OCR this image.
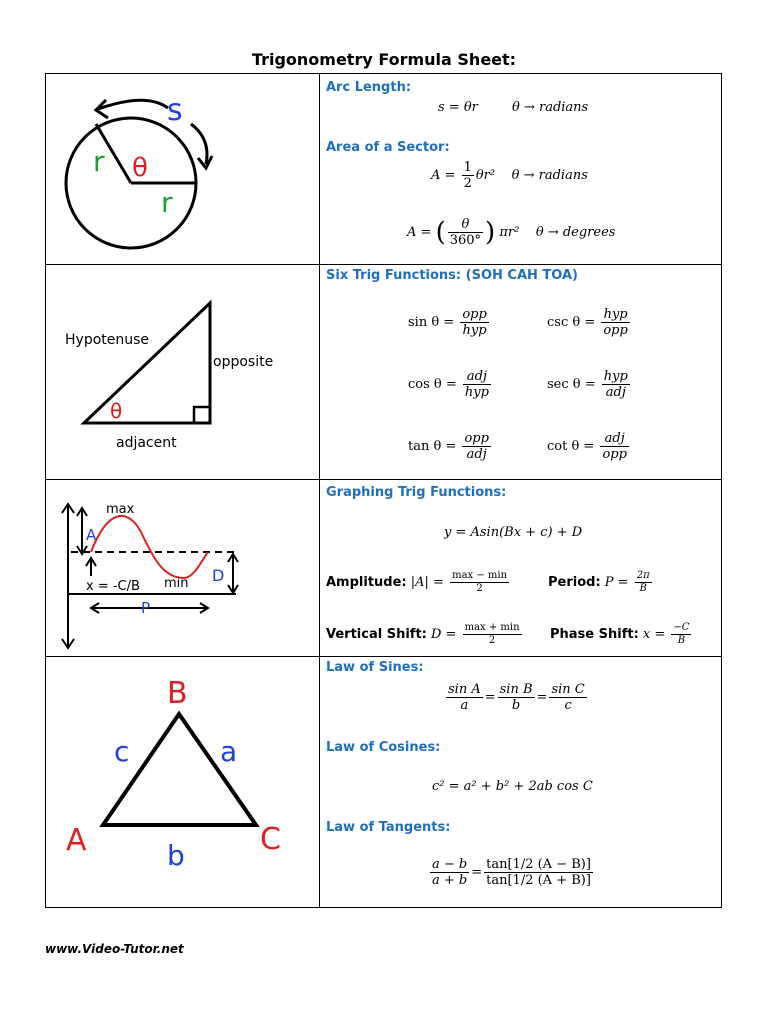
Trigonometry Formula Sheet:
s
r
r
θ
Arc Length:
s = θr	θ → radians
Area of a Sector:
$A = \frac{1}{2} \theta r^2$ θ → radians
A = ( $\frac{\theta}{360^\circ}$ ) πr² θ → degrees
Hypotenuse
opposite
adjacent
θ
Six Trig Functions: (SOH CAH TOA)
$\sin \theta = \frac{\text{opp}}{\text{hyp}}$	$\csc \theta = \frac{\text{hyp}}{\text{opp}}$
$\cos \theta = \frac{\text{adj}}{\text{hyp}}$	$\sec \theta = \frac{\text{hyp}}{\text{adj}}$
$\tan \theta = \frac{\text{opp}}{\text{adj}}$	$\cot \theta = \frac{\text{adj}}{\text{opp}}$
max
min
A
D
x = -C/B
P
Graphing Trig Functions:
y = Asin(Bx + c) + D
Amplitude: $|A| = \frac{\max - \min}{2}$	Period: $P = \frac{2\pi}{B}$
Vertical Shift: $D = \frac{\max + \min}{2}$ Phase Shift: $x = \frac{-C}{B}$
B
A	C
c	a
b
Law of Sines:
$\frac{\text{sin A}}{a} = \frac{\text{sin B}}{b} = \frac{\text{sin C}}{c}$
Law of Cosines:
c² = a² + b² + 2ab cos C
Law of Tangents:
$\frac{a - b}{a + b} = \frac{\tan[1/2 (A - B)]}{\tan[1/2 (A + B)]}$
www.Video-Tutor.net
